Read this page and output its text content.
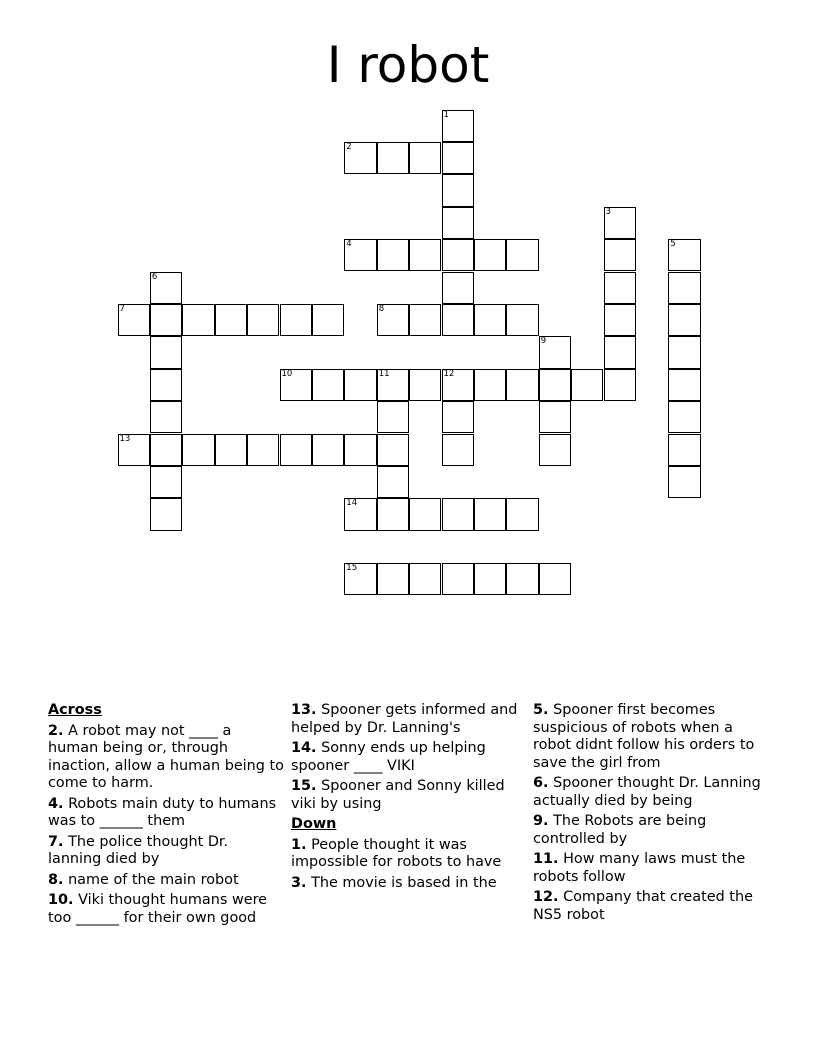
I robot
1
2
3
4	5
6
7	8
9
10	11	12
13
14
15
Across
2. A robot may not ____ a human being or, through inaction, allow a human being to come to harm.
4. Robots main duty to humans was to ______ them
7. The police thought Dr. lanning died by
8. name of the main robot
10. Viki thought humans were too ______ for their own good
13. Spooner gets informed and helped by Dr. Lanning's
14. Sonny ends up helping spooner ____ VIKI
15. Spooner and Sonny killed viki by using
Down
1. People thought it was impossible for robots to have
3. The movie is based in the
5. Spooner first becomes suspicious of robots when a robot didnt follow his orders to save the girl from
6. Spooner thought Dr. Lanning actually died by being
9. The Robots are being controlled by
11. How many laws must the robots follow
12. Company that created the NS5 robot
